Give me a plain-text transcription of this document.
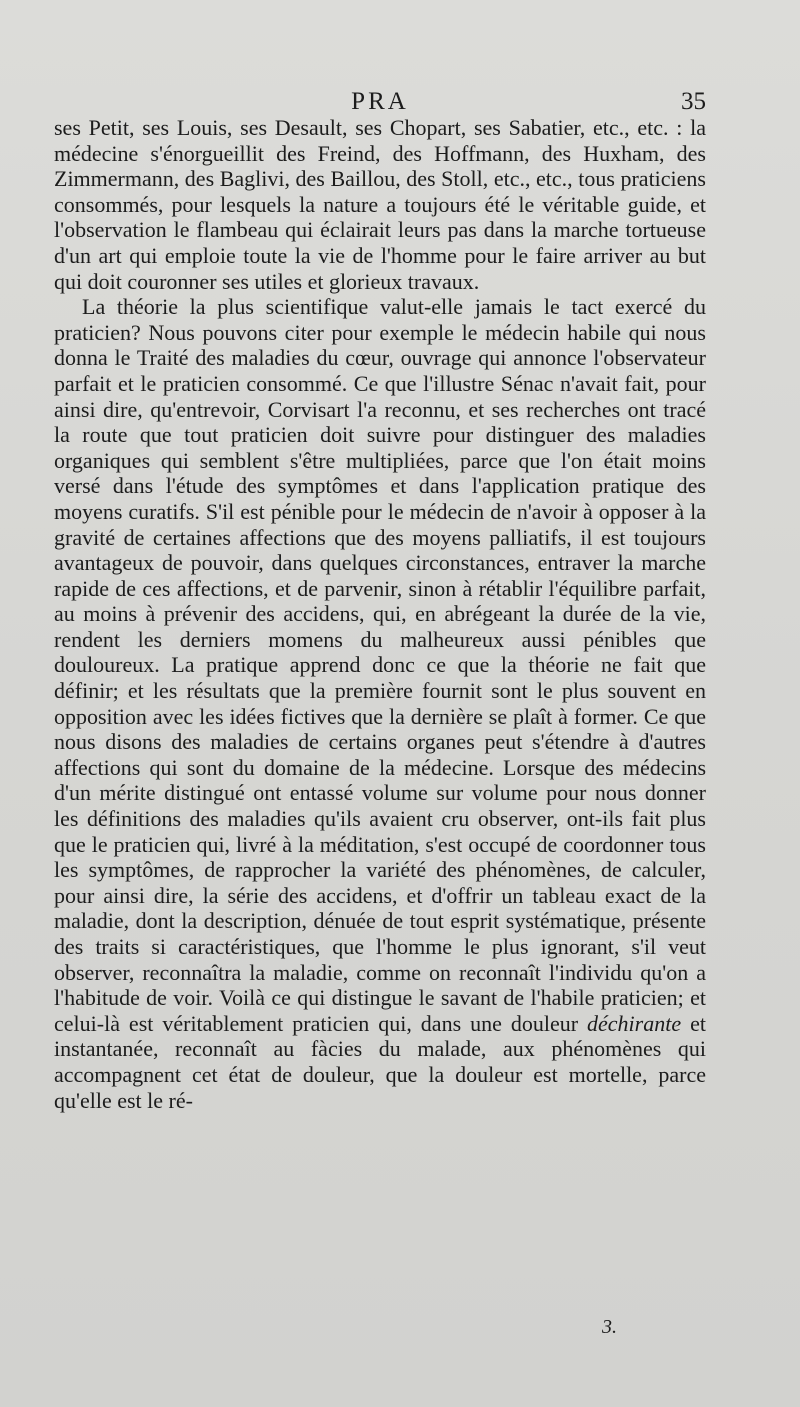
PRA	35

ses Petit, ses Louis, ses Desault, ses Chopart, ses Sabatier, etc., etc. : la médecine s'énorgueillit des Freind, des Hoffmann, des Huxham, des Zimmermann, des Baglivi, des Baillou, des Stoll, etc., etc., tous praticiens consommés, pour lesquels la nature a toujours été le véritable guide, et l'observation le flambeau qui éclairait leurs pas dans la marche tortueuse d'un art qui emploie toute la vie de l'homme pour le faire arriver au but qui doit couronner ses utiles et glorieux travaux.

La théorie la plus scientifique valut-elle jamais le tact exercé du praticien? Nous pouvons citer pour exemple le médecin habile qui nous donna le Traité des maladies du cœur, ouvrage qui annonce l'observateur parfait et le praticien consommé. Ce que l'illustre Sénac n'avait fait, pour ainsi dire, qu'entrevoir, Corvisart l'a reconnu, et ses recherches ont tracé la route que tout praticien doit suivre pour distinguer des maladies organiques qui semblent s'être multipliées, parce que l'on était moins versé dans l'étude des symptômes et dans l'application pratique des moyens curatifs. S'il est pénible pour le médecin de n'avoir à opposer à la gravité de certaines affections que des moyens palliatifs, il est toujours avantageux de pouvoir, dans quelques circonstances, entraver la marche rapide de ces affections, et de parvenir, sinon à rétablir l'équilibre parfait, au moins à prévenir des accidens, qui, en abrégeant la durée de la vie, rendent les derniers momens du malheureux aussi pénibles que douloureux. La pratique apprend donc ce que la théorie ne fait que définir; et les résultats que la première fournit sont le plus souvent en opposition avec les idées fictives que la dernière se plaît à former. Ce que nous disons des maladies de certains organes peut s'étendre à d'autres affections qui sont du domaine de la médecine. Lorsque des médecins d'un mérite distingué ont entassé volume sur volume pour nous donner les définitions des maladies qu'ils avaient cru observer, ont-ils fait plus que le praticien qui, livré à la méditation, s'est occupé de coordonner tous les symptômes, de rapprocher la variété des phénomènes, de calculer, pour ainsi dire, la série des accidens, et d'offrir un tableau exact de la maladie, dont la description, dénuée de tout esprit systématique, présente des traits si caractéristiques, que l'homme le plus ignorant, s'il veut observer, reconnaîtra la maladie, comme on reconnaît l'individu qu'on a l'habitude de voir. Voilà ce qui distingue le savant de l'habile praticien; et celui-là est véritablement praticien qui, dans une douleur déchirante et instantanée, reconnaît au fàcies du malade, aux phénomènes qui accompagnent cet état de douleur, que la douleur est mortelle, parce qu'elle est le ré-

3.
